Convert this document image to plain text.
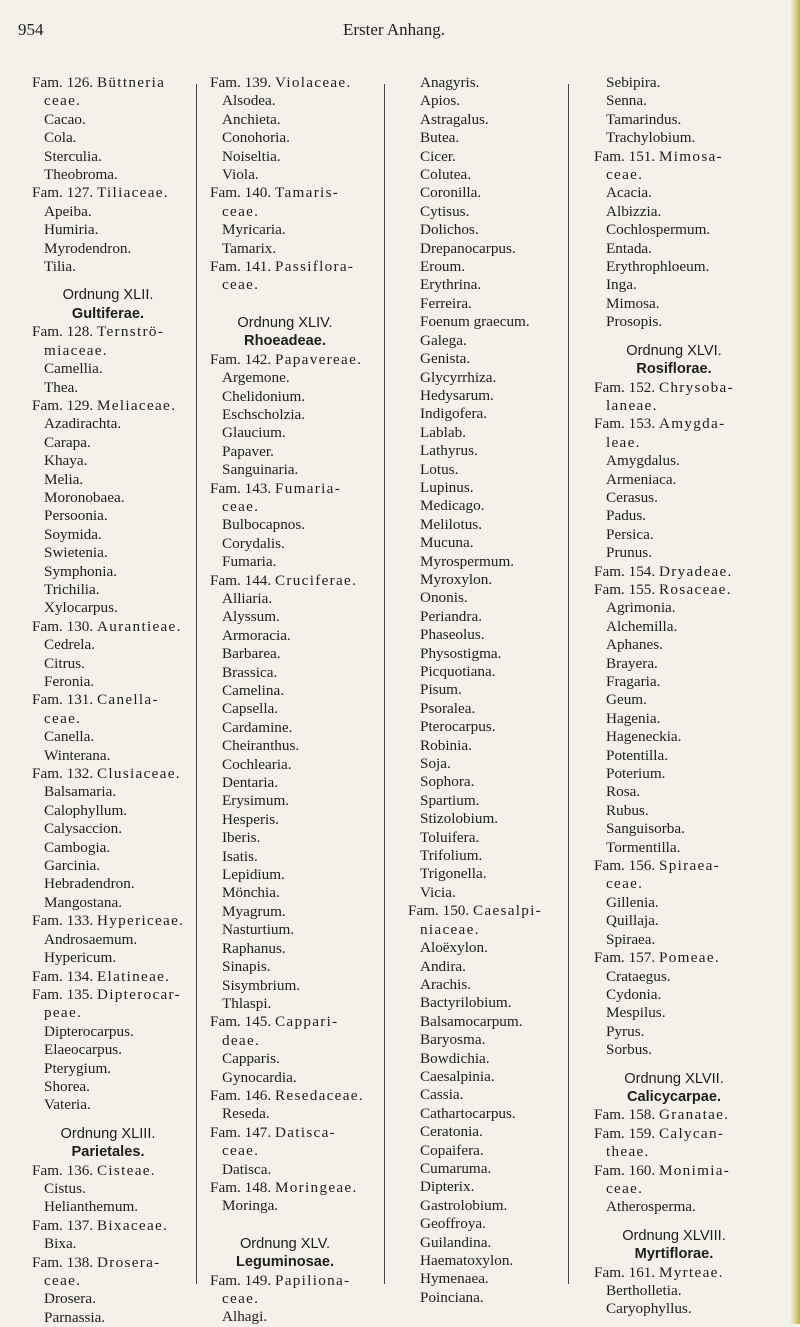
954	Erster Anhang.
Fam. 126. Büttneria
ceae.
Cacao.
Cola.
Sterculia.
Theobroma.
Fam. 127. Tiliaceae.
Apeiba.
Humiria.
Myrodendron.
Tilia.
Ordnung XLII.
Gultiferae.
Fam. 128. Ternströ-
miaceae.
Camellia.
Thea.
Fam. 129. Meliaceae.
Azadirachta.
Carapa.
Khaya.
Melia.
Moronobaea.
Persoonia.
Soymida.
Swietenia.
Symphonia.
Trichilia.
Xylocarpus.
Fam. 130. Aurantieae.
Cedrela.
Citrus.
Feronia.
Fam. 131. Canella-
ceae.
Canella.
Winterana.
Fam. 132. Clusiaceae.
Balsamaria.
Calophyllum.
Calysaccion.
Cambogia.
Garcinia.
Hebradendron.
Mangostana.
Fam. 133. Hypericeae.
Androsaemum.
Hypericum.
Fam. 134. Elatineae.
Fam. 135. Dipterocar-
peae.
Dipterocarpus.
Elaeocarpus.
Pterygium.
Shorea.
Vateria.
Ordnung XLIII.
Parietales.
Fam. 136. Cisteae.
Cistus.
Helianthemum.
Fam. 137. Bixaceae.
Bixa.
Fam. 138. Drosera-
ceae.
Drosera.
Parnassia.
Fam. 139. Violaceae.
Alsodea.
Anchieta.
Conohoria.
Noiseltia.
Viola.
Fam. 140. Tamaris-
ceae.
Myricaria.
Tamarix.
Fam. 141. Passiflora-
ceae.
Ordnung XLIV.
Rhoeadeae.
Fam. 142. Papavereae.
Argemone.
Chelidonium.
Eschscholzia.
Glaucium.
Papaver.
Sanguinaria.
Fam. 143. Fumaria-
ceae.
Bulbocapnos.
Corydalis.
Fumaria.
Fam. 144. Cruciferae.
Alliaria.
Alyssum.
Armoracia.
Barbarea.
Brassica.
Camelina.
Capsella.
Cardamine.
Cheiranthus.
Cochlearia.
Dentaria.
Erysimum.
Hesperis.
Iberis.
Isatis.
Lepidium.
Mönchia.
Myagrum.
Nasturtium.
Raphanus.
Sinapis.
Sisymbrium.
Thlaspi.
Fam. 145. Cappari-
deae.
Capparis.
Gynocardia.
Fam. 146. Resedaceae.
Reseda.
Fam. 147. Datisca-
ceae.
Datisca.
Fam. 148. Moringeae.
Moringa.
Ordnung XLV.
Leguminosae.
Fam. 149. Papiliona-
ceae.
Alhagi.
Anagyris.
Apios.
Astragalus.
Butea.
Cicer.
Colutea.
Coronilla.
Cytisus.
Dolichos.
Drepanocarpus.
Eroum.
Erythrina.
Ferreira.
Foenum graecum.
Galega.
Genista.
Glycyrrhiza.
Hedysarum.
Indigofera.
Lablab.
Lathyrus.
Lotus.
Lupinus.
Medicago.
Melilotus.
Mucuna.
Myrospermum.
Myroxylon.
Ononis.
Periandra.
Phaseolus.
Physostigma.
Picquotiana.
Pisum.
Psoralea.
Pterocarpus.
Robinia.
Soja.
Sophora.
Spartium.
Stizolobium.
Toluifera.
Trifolium.
Trigonella.
Vicia.
Fam. 150. Caesalpi-
niaceae.
Aloëxylon.
Andira.
Arachis.
Bactyrilobium.
Balsamocarpum.
Baryosma.
Bowdichia.
Caesalpinia.
Cassia.
Cathartocarpus.
Ceratonia.
Copaifera.
Cumaruma.
Dipterix.
Gastrolobium.
Geoffroya.
Guilandina.
Haematoxylon.
Hymenaea.
Poinciana.
Sebipira.
Senna.
Tamarindus.
Trachylobium.
Fam. 151. Mimosa-
ceae.
Acacia.
Albizzia.
Cochlospermum.
Entada.
Erythrophloeum.
Inga.
Mimosa.
Prosopis.
Ordnung XLVI.
Rosiflorae.
Fam. 152. Chrysoba-
laneae.
Fam. 153. Amygda-
leae.
Amygdalus.
Armeniaca.
Cerasus.
Padus.
Persica.
Prunus.
Fam. 154. Dryadeae.
Fam. 155. Rosaceae.
Agrimonia.
Alchemilla.
Aphanes.
Brayera.
Fragaria.
Geum.
Hagenia.
Hageneckia.
Potentilla.
Poterium.
Rosa.
Rubus.
Sanguisorba.
Tormentilla.
Fam. 156. Spiraea-
ceae.
Gillenia.
Quillaja.
Spiraea.
Fam. 157. Pomeae.
Crataegus.
Cydonia.
Mespilus.
Pyrus.
Sorbus.
Ordnung XLVII.
Calicycarpae.
Fam. 158. Granatae.
Fam. 159. Calycan-
theae.
Fam. 160. Monimia-
ceae.
Atherosperma.
Ordnung XLVIII.
Myrtiflorae.
Fam. 161. Myrteae.
Bertholletia.
Caryophyllus.
